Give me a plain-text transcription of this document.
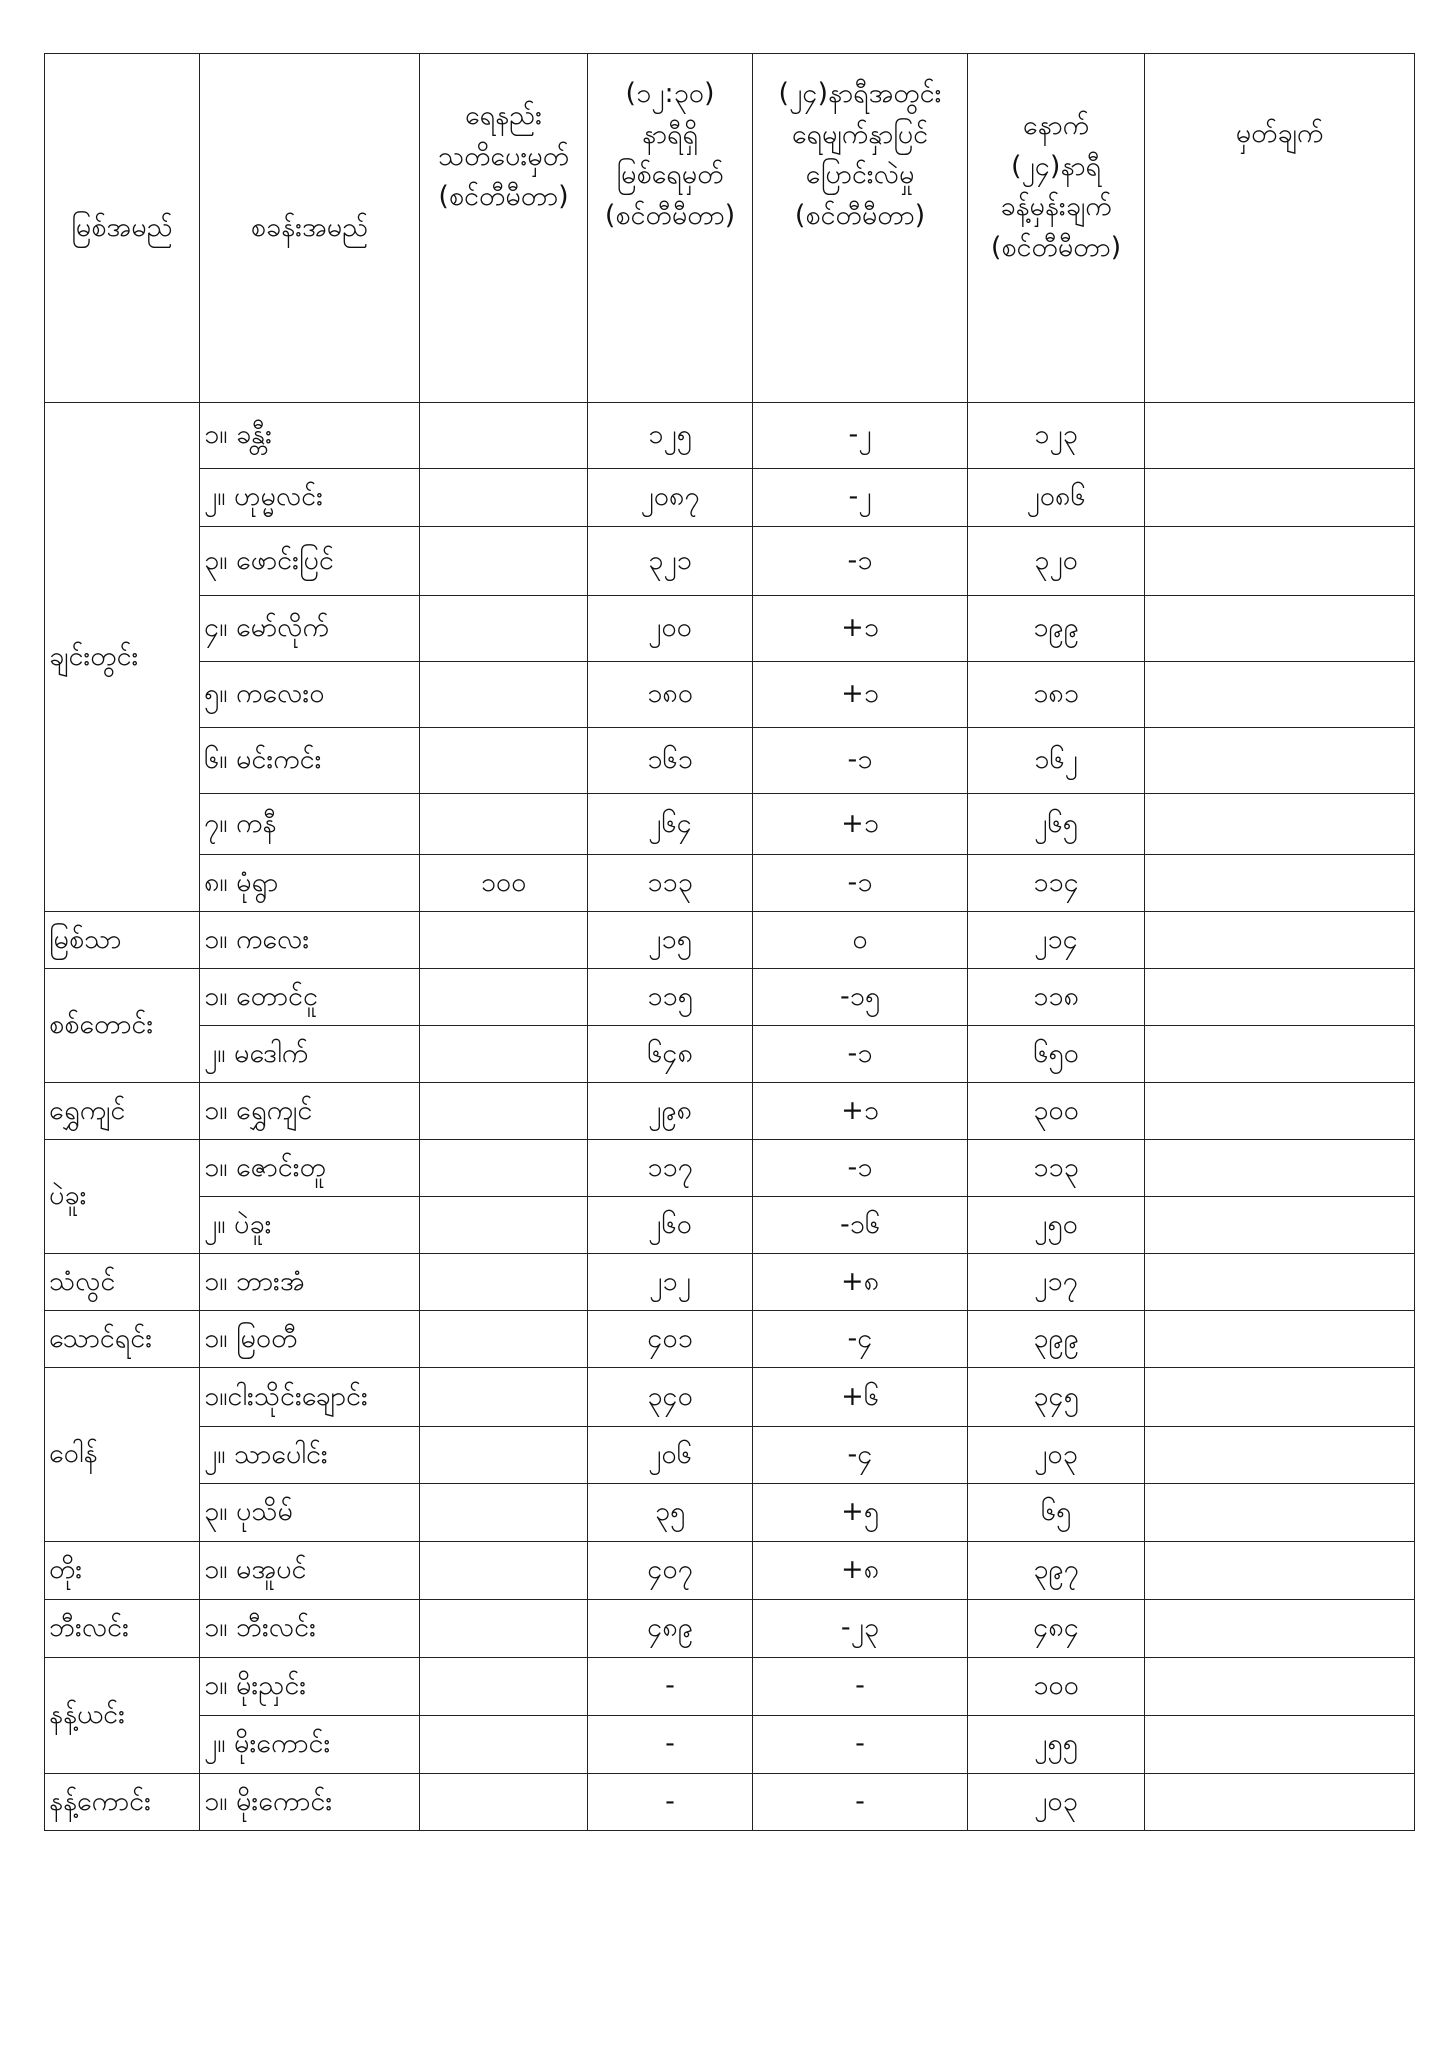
မြစ်အမည်	စခန်းအမည်	ရေနည်း
သတိပေးမှတ်
(စင်တီမီတာ)	(၁၂:၃၀)
နာရီရှိ
မြစ်ရေမှတ်
(စင်တီမီတာ)	(၂၄)နာရီအတွင်း
ရေမျက်နှာပြင်
ပြောင်းလဲမှု
(စင်တီမီတာ)	နောက်
(၂၄)နာရီ
ခန့်မှန်းချက်
(စင်တီမီတာ)	မှတ်ချက်
ချင်းတွင်း	၁။ ခန္တီး		၁၂၅	-၂	၁၂၃	
	၂။ ဟုမ္မလင်း		၂၀၈၇	-၂	၂၀၈၆	
	၃။ ဖောင်းပြင်		၃၂၁	-၁	၃၂၀	
	၄။ မော်လိုက်		၂၀၀	+၁	၁၉၉	
	၅။ ကလေးဝ		၁၈၀	+၁	၁၈၁	
	၆။ မင်းကင်း		၁၆၁	-၁	၁၆၂	
	၇။ ကနီ		၂၆၄	+၁	၂၆၅	
	၈။ မုံရွာ	၁၀၀	၁၁၃	-၁	၁၁၄	
မြစ်သာ	၁။ ကလေး		၂၁၅	၀	၂၁၄	
စစ်တောင်း	၁။ တောင်ငူ		၁၁၅	-၁၅	၁၁၈	
	၂။ မဒေါက်		၆၄၈	-၁	၆၅၀	
ရွှေကျင်	၁။ ရွှေကျင်		၂၉၈	+၁	၃၀၀	
ပဲခူး	၁။ ဇောင်းတူ		၁၁၇	-၁	၁၁၃	
	၂။ ပဲခူး		၂၆၀	-၁၆	၂၅၀	
သံလွင်	၁။ ဘားအံ		၂၁၂	+၈	၂၁၇	
သောင်ရင်း	၁။ မြဝတီ		၄၀၁	-၄	၃၉၉	
ဝေါန်	၁။ငါးသိုင်းချောင်း		၃၄၀	+၆	၃၄၅	
	၂။ သာပေါင်း		၂၀၆	-၄	၂၀၃	
	၃။ ပုသိမ်		၃၅	+၅	၆၅	
တိုး	၁။ မအူပင်		၄၀၇	+၈	၃၉၇	
ဘီးလင်း	၁။ ဘီးလင်း		၄၈၉	-၂၃	၄၈၄	
နန့်ယင်း	၁။ မိုးညှင်း		-	-	၁၀၀	
	၂။ မိုးကောင်း		-	-	၂၅၅	
နန့်ကောင်း	၁။ မိုးကောင်း		-	-	၂၀၃	
